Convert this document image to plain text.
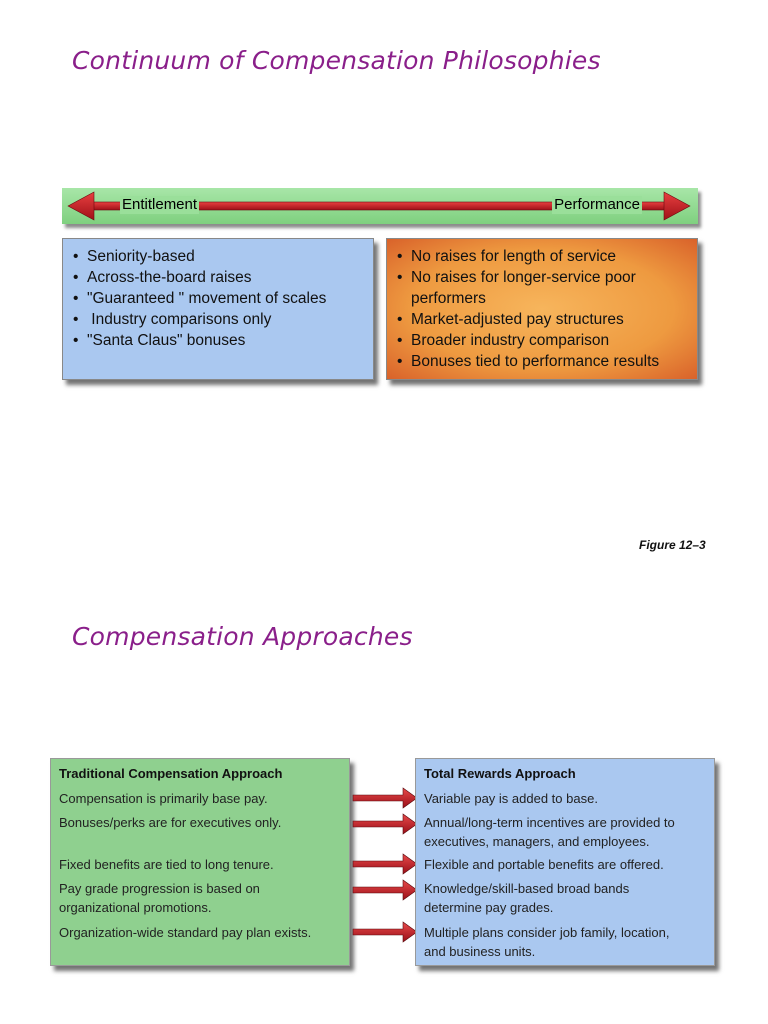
Continuum of Compensation Philosophies
Entitlement	Performance
• Seniority-based
• Across-the-board raises
• "Guaranteed " movement of scales
•  Industry comparisons only
• "Santa Claus" bonuses
• No raises for length of service
• No raises for longer-service poor performers
• Market-adjusted pay structures
• Broader industry comparison
• Bonuses tied to performance results

Figure 12–3

Compensation Approaches
Traditional Compensation Approach
Compensation is primarily base pay.
Bonuses/perks are for executives only.
Fixed benefits are tied to long tenure.
Pay grade progression is based on organizational promotions.
Organization-wide standard pay plan exists.
Total Rewards Approach
Variable pay is added to base.
Annual/long-term incentives are provided to executives, managers, and employees.
Flexible and portable benefits are offered.
Knowledge/skill-based broad bands determine pay grades.
Multiple plans consider job family, location, and business units.
